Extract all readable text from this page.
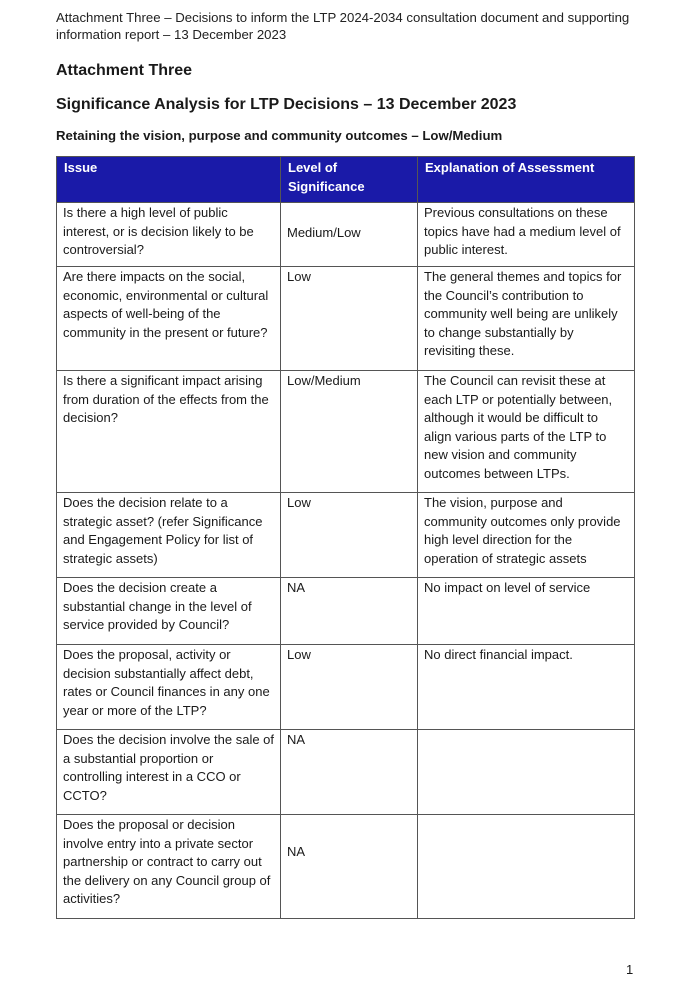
Attachment Three – Decisions to inform the LTP 2024-2034 consultation document and supporting information report – 13 December 2023
Attachment Three
Significance Analysis for LTP Decisions – 13 December 2023
Retaining the vision, purpose and community outcomes – Low/Medium
Issue	Level of Significance	Explanation of Assessment
Is there a high level of public interest, or is decision likely to be controversial?	Medium/Low	Previous consultations on these topics have had a medium level of public interest.
Are there impacts on the social, economic, environmental or cultural aspects of well-being of the community in the present or future?	Low	The general themes and topics for the Council’s contribution to community well being are unlikely to change substantially by revisiting these.
Is there a significant impact arising from duration of the effects from the decision?	Low/Medium	The Council can revisit these at each LTP or potentially between, although it would be difficult to align various parts of the LTP to new vision and community outcomes between LTPs.
Does the decision relate to a strategic asset? (refer Significance and Engagement Policy for list of strategic assets)	Low	The vision, purpose and community outcomes only provide high level direction for the operation of strategic assets
Does the decision create a substantial change in the level of service provided by Council?	NA	No impact on level of service
Does the proposal, activity or decision substantially affect debt, rates or Council finances in any one year or more of the LTP?	Low	No direct financial impact.
Does the decision involve the sale of a substantial proportion or controlling interest in a CCO or CCTO?	NA	
Does the proposal or decision involve entry into a private sector partnership or contract to carry out the delivery on any Council group of activities?	NA	
1
